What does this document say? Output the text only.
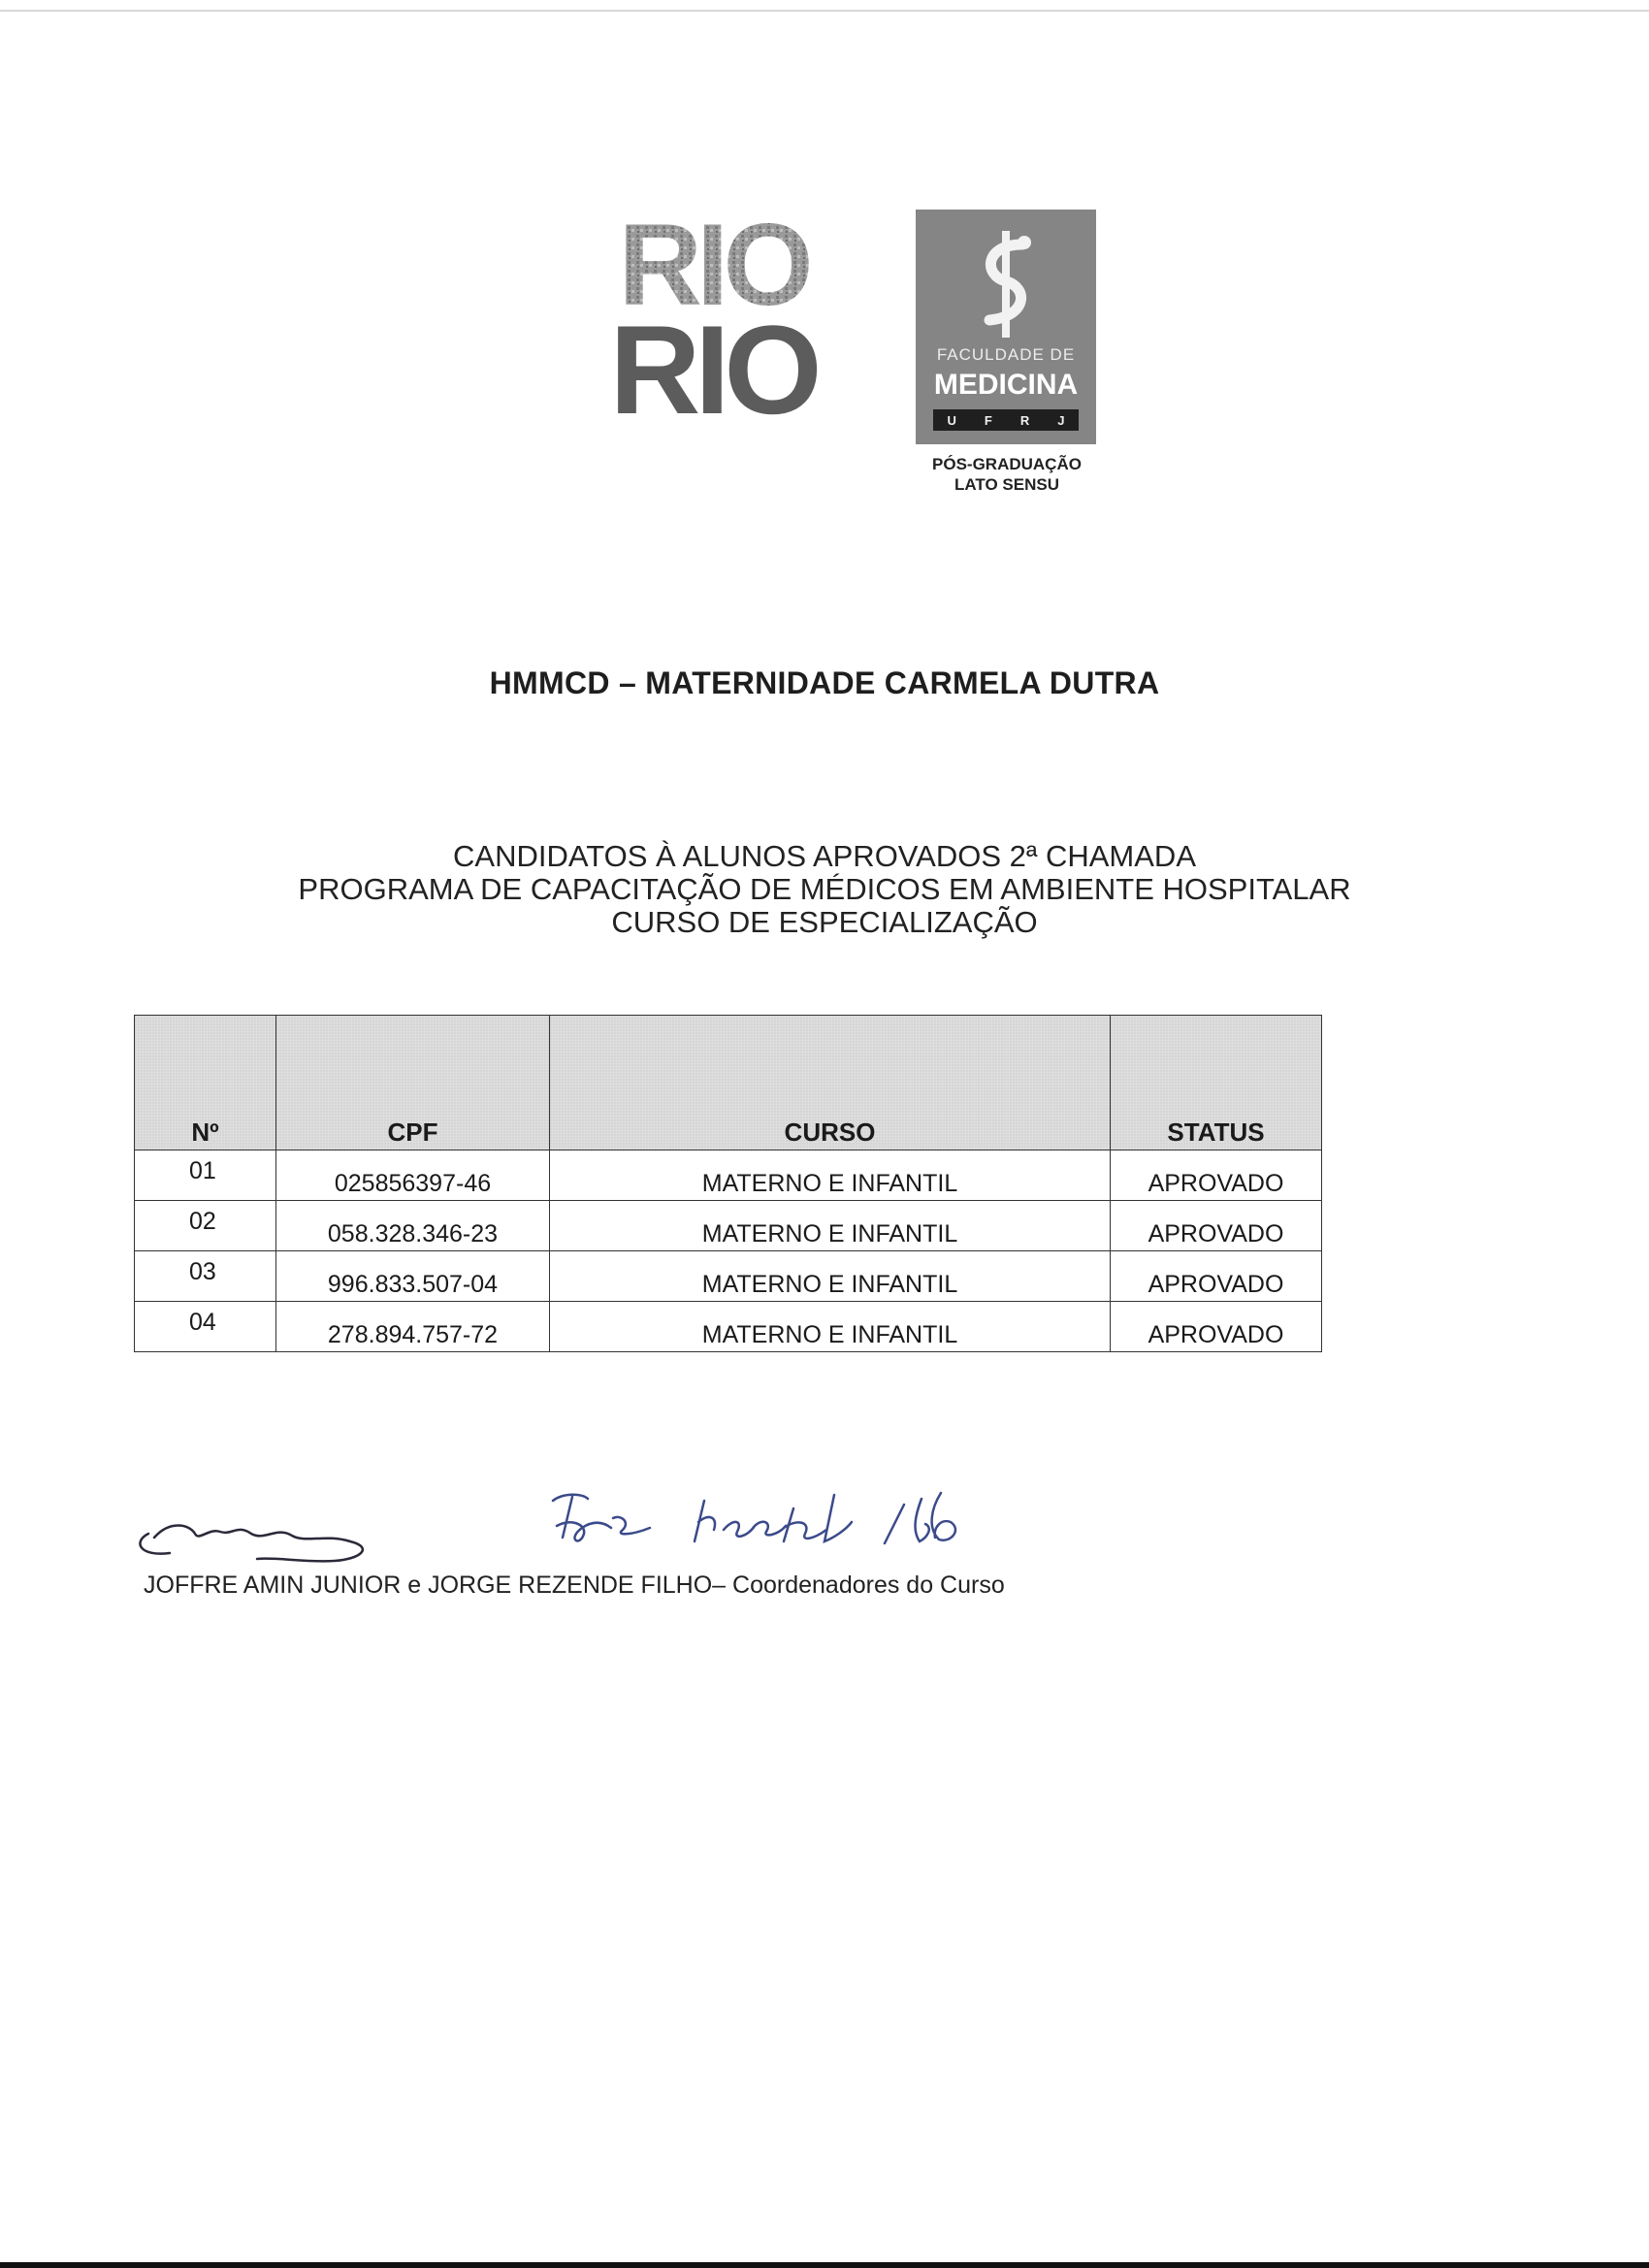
RIO
RIO	FACULDADE DE
MEDICINA
U F R J
PÓS-GRADUAÇÃO
LATO SENSU
HMMCD – MATERNIDADE CARMELA DUTRA
CANDIDATOS À ALUNOS APROVADOS 2ª CHAMADA
PROGRAMA DE CAPACITAÇÃO DE MÉDICOS EM AMBIENTE HOSPITALAR
CURSO DE ESPECIALIZAÇÃO
Nº	CPF	CURSO	STATUS
01	025856397-46	MATERNO E INFANTIL	APROVADO
02	058.328.346-23	MATERNO E INFANTIL	APROVADO
03	996.833.507-04	MATERNO E INFANTIL	APROVADO
04	278.894.757-72	MATERNO E INFANTIL	APROVADO
JOFFRE AMIN JUNIOR e JORGE REZENDE FILHO– Coordenadores do Curso
